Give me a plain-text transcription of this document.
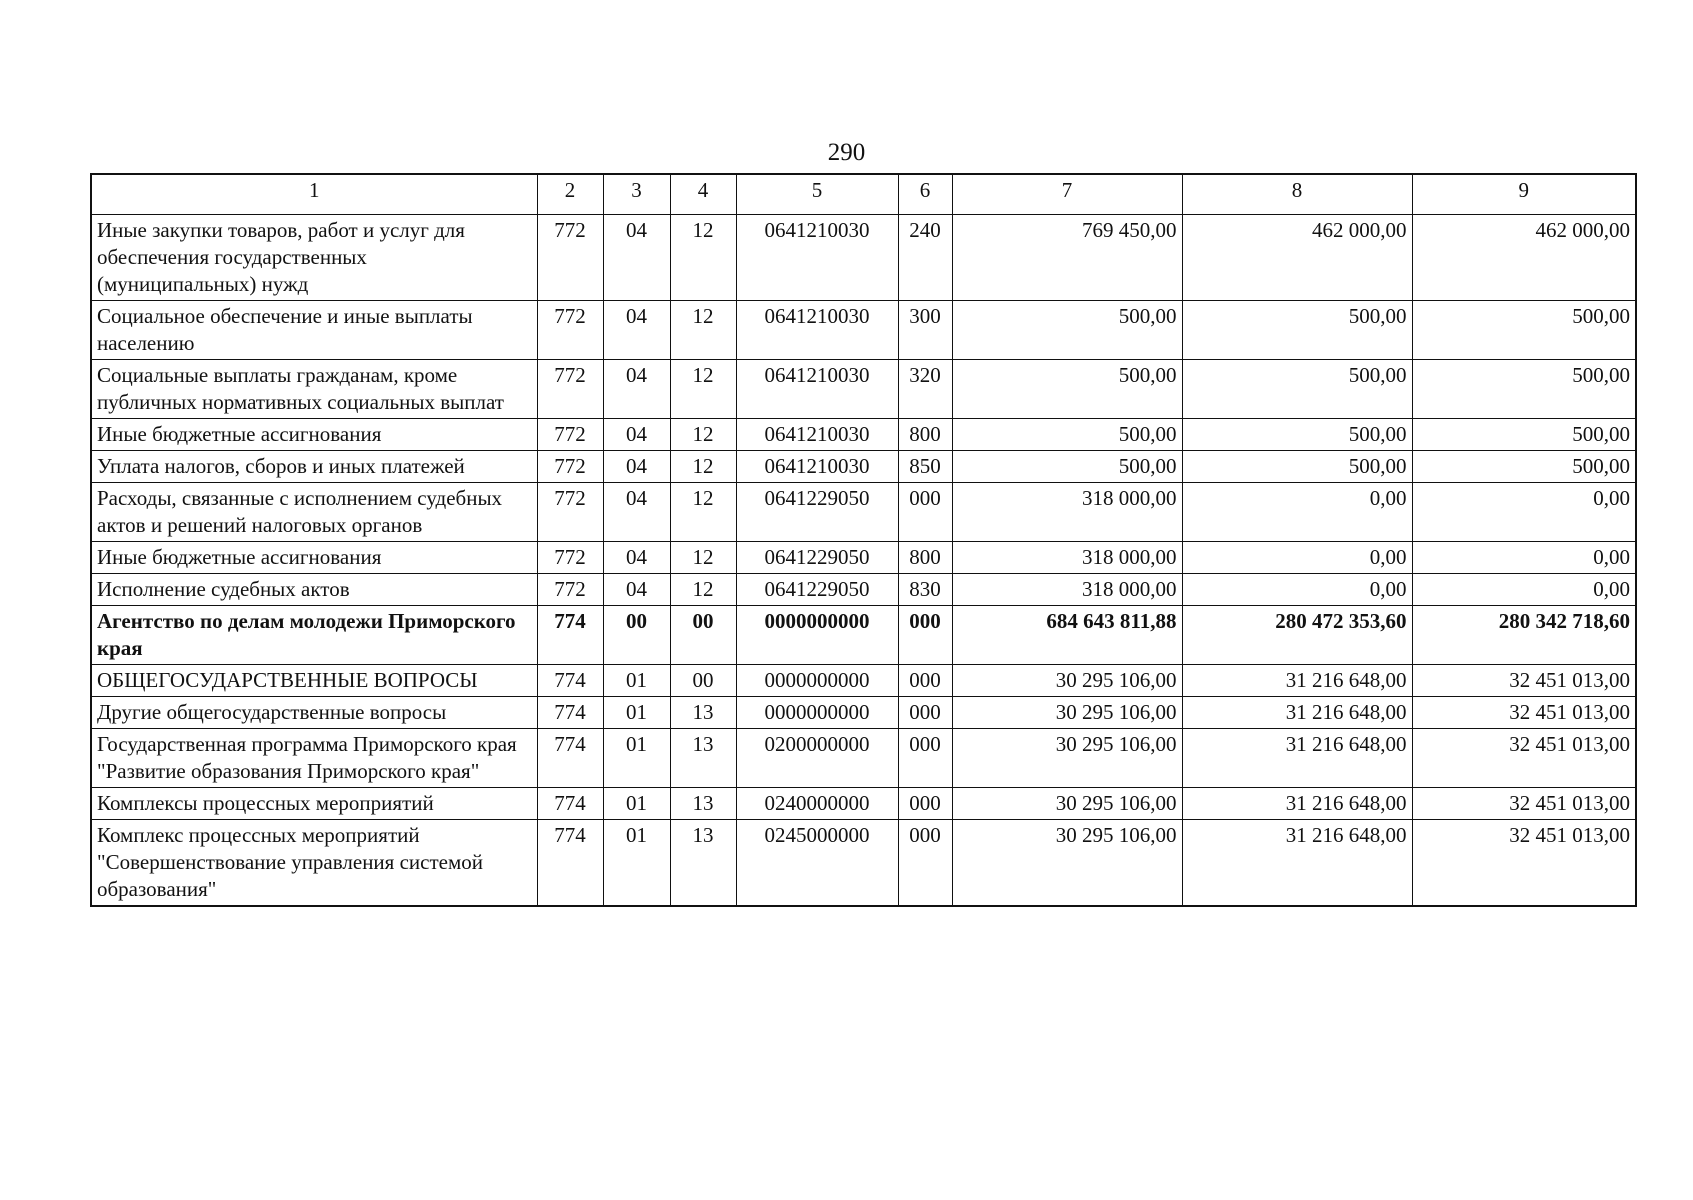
290
1	2	3	4	5	6	7	8	9
Иные закупки товаров, работ и услуг для обеспечения государственных (муниципальных) нужд	772	04	12	0641210030	240	769 450,00	462 000,00	462 000,00
Социальное обеспечение и иные выплаты населению	772	04	12	0641210030	300	500,00	500,00	500,00
Социальные выплаты гражданам, кроме публичных нормативных социальных выплат	772	04	12	0641210030	320	500,00	500,00	500,00
Иные бюджетные ассигнования	772	04	12	0641210030	800	500,00	500,00	500,00
Уплата налогов, сборов и иных платежей	772	04	12	0641210030	850	500,00	500,00	500,00
Расходы, связанные с исполнением судебных актов и решений налоговых органов	772	04	12	0641229050	000	318 000,00	0,00	0,00
Иные бюджетные ассигнования	772	04	12	0641229050	800	318 000,00	0,00	0,00
Исполнение судебных актов	772	04	12	0641229050	830	318 000,00	0,00	0,00
Агентство по делам молодежи Приморского края	774	00	00	0000000000	000	684 643 811,88	280 472 353,60	280 342 718,60
ОБЩЕГОСУДАРСТВЕННЫЕ ВОПРОСЫ	774	01	00	0000000000	000	30 295 106,00	31 216 648,00	32 451 013,00
Другие общегосударственные вопросы	774	01	13	0000000000	000	30 295 106,00	31 216 648,00	32 451 013,00
Государственная программа Приморского края "Развитие образования Приморского края"	774	01	13	0200000000	000	30 295 106,00	31 216 648,00	32 451 013,00
Комплексы процессных мероприятий	774	01	13	0240000000	000	30 295 106,00	31 216 648,00	32 451 013,00
Комплекс процессных мероприятий "Совершенствование управления системой образования"	774	01	13	0245000000	000	30 295 106,00	31 216 648,00	32 451 013,00
